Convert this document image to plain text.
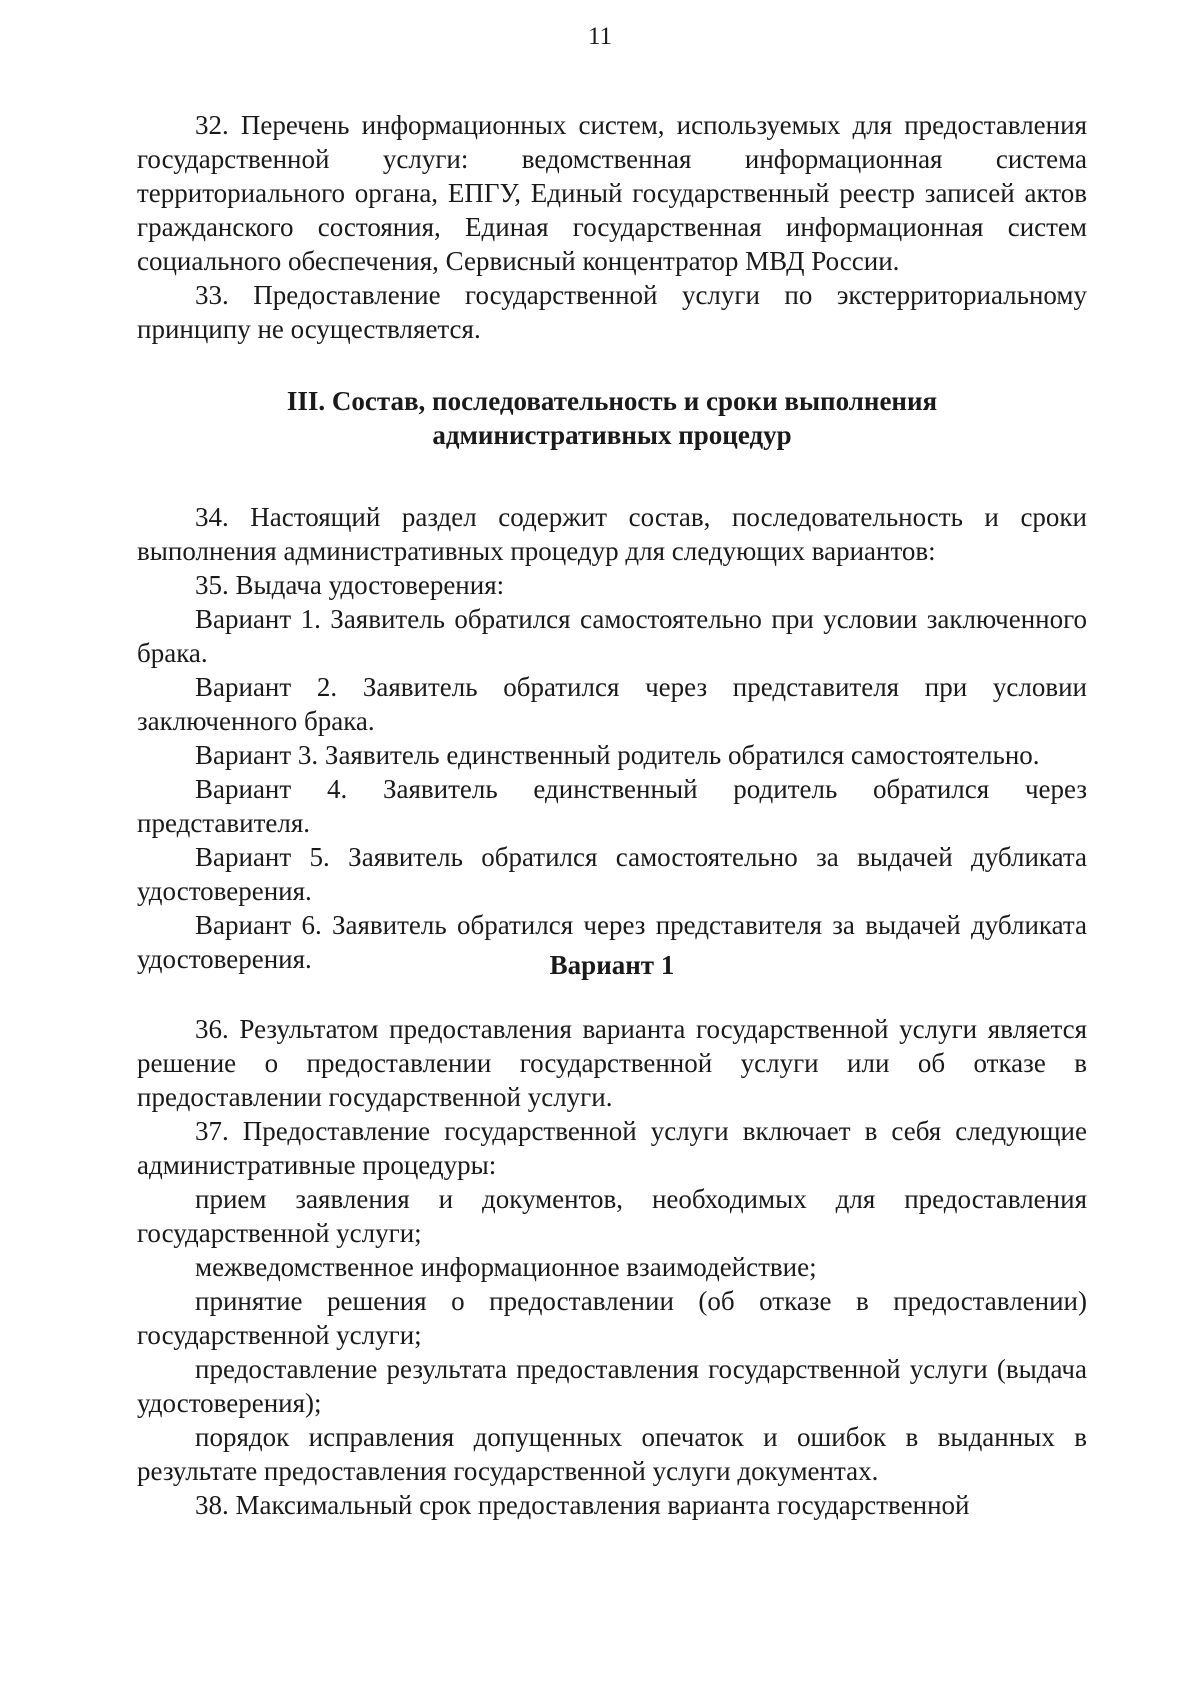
11

32. Перечень информационных систем, используемых для предоставления государственной услуги: ведомственная информационная система территориального органа, ЕПГУ, Единый государственный реестр записей актов гражданского состояния, Единая государственная информационная систем социального обеспечения, Сервисный концентратор МВД России.

33. Предоставление государственной услуги по экстерриториальному принципу не осуществляется.

III. Состав, последовательность и сроки выполнения
административных процедур

34. Настоящий раздел содержит состав, последовательность и сроки выполнения административных процедур для следующих вариантов:

35. Выдача удостоверения:

Вариант 1. Заявитель обратился самостоятельно при условии заключенного брака.

Вариант 2. Заявитель обратился через представителя при условии заключенного брака.

Вариант 3. Заявитель единственный родитель обратился самостоятельно.

Вариант 4. Заявитель единственный родитель обратился через представителя.

Вариант 5. Заявитель обратился самостоятельно за выдачей дубликата удостоверения.

Вариант 6. Заявитель обратился через представителя за выдачей дубликата удостоверения.	Вариант 1

36. Результатом предоставления варианта государственной услуги является решение о предоставлении государственной услуги или об отказе в предоставлении государственной услуги.

37. Предоставление государственной услуги включает в себя следующие административные процедуры:

прием заявления и документов, необходимых для предоставления государственной услуги;

межведомственное информационное взаимодействие;

принятие решения о предоставлении (об отказе в предоставлении) государственной услуги;

предоставление результата предоставления государственной услуги (выдача удостоверения);

порядок исправления допущенных опечаток и ошибок в выданных в результате предоставления государственной услуги документах.

38. Максимальный срок предоставления варианта государственной
